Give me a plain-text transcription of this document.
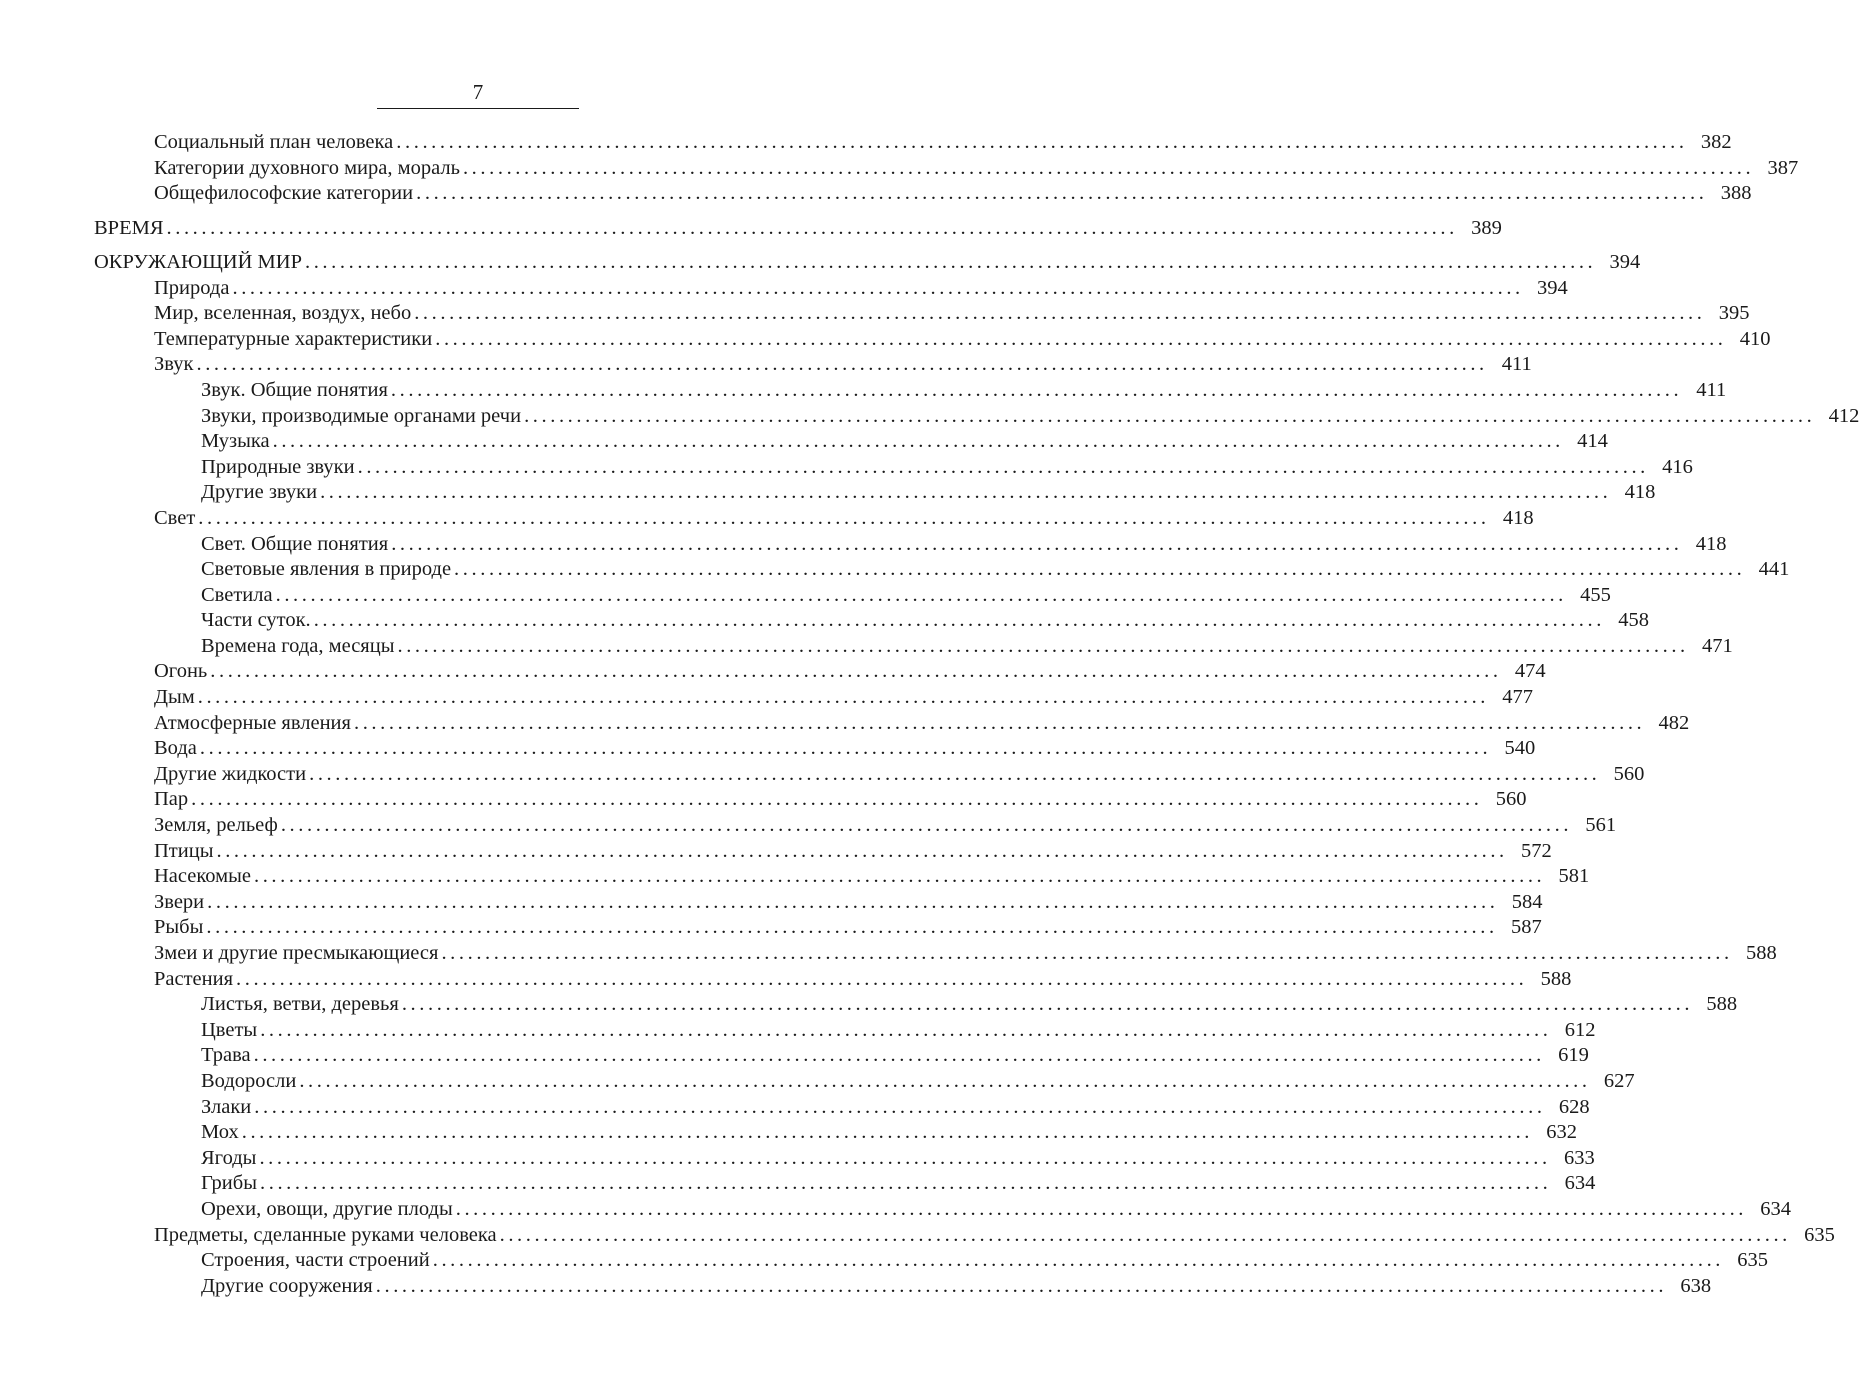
7
Социальный план человека .................................................................................................................................................... 382
Категории духовного мира, мораль .................................................................................................................................................... 387
Общефилософские категории .................................................................................................................................................... 388
ВРЕМЯ .................................................................................................................................................... 389
ОКРУЖАЮЩИЙ МИР .................................................................................................................................................... 394
Природа .................................................................................................................................................... 394
Мир, вселенная, воздух, небо .................................................................................................................................................... 395
Температурные характеристики .................................................................................................................................................... 410
Звук .................................................................................................................................................... 411
Звук. Общие понятия .................................................................................................................................................... 411
Звуки, производимые органами речи .................................................................................................................................................... 412
Музыка .................................................................................................................................................... 414
Природные звуки .................................................................................................................................................... 416
Другие звуки .................................................................................................................................................... 418
Свет .................................................................................................................................................... 418
Свет. Общие понятия .................................................................................................................................................... 418
Световые явления в природе .................................................................................................................................................... 441
Светила .................................................................................................................................................... 455
Части суток. .................................................................................................................................................... 458
Времена года, месяцы .................................................................................................................................................... 471
Огонь .................................................................................................................................................... 474
Дым .................................................................................................................................................... 477
Атмосферные явления .................................................................................................................................................... 482
Вода .................................................................................................................................................... 540
Другие жидкости .................................................................................................................................................... 560
Пар .................................................................................................................................................... 560
Земля, рельеф .................................................................................................................................................... 561
Птицы .................................................................................................................................................... 572
Насекомые .................................................................................................................................................... 581
Звери .................................................................................................................................................... 584
Рыбы .................................................................................................................................................... 587
Змеи и другие пресмыкающиеся .................................................................................................................................................... 588
Растения .................................................................................................................................................... 588
Листья, ветви, деревья .................................................................................................................................................... 588
Цветы .................................................................................................................................................... 612
Трава .................................................................................................................................................... 619
Водоросли .................................................................................................................................................... 627
Злаки .................................................................................................................................................... 628
Мох .................................................................................................................................................... 632
Ягоды .................................................................................................................................................... 633
Грибы .................................................................................................................................................... 634
Орехи, овощи, другие плоды .................................................................................................................................................... 634
Предметы, сделанные руками человека .................................................................................................................................................... 635
Строения, части строений .................................................................................................................................................... 635
Другие сооружения .................................................................................................................................................... 638
